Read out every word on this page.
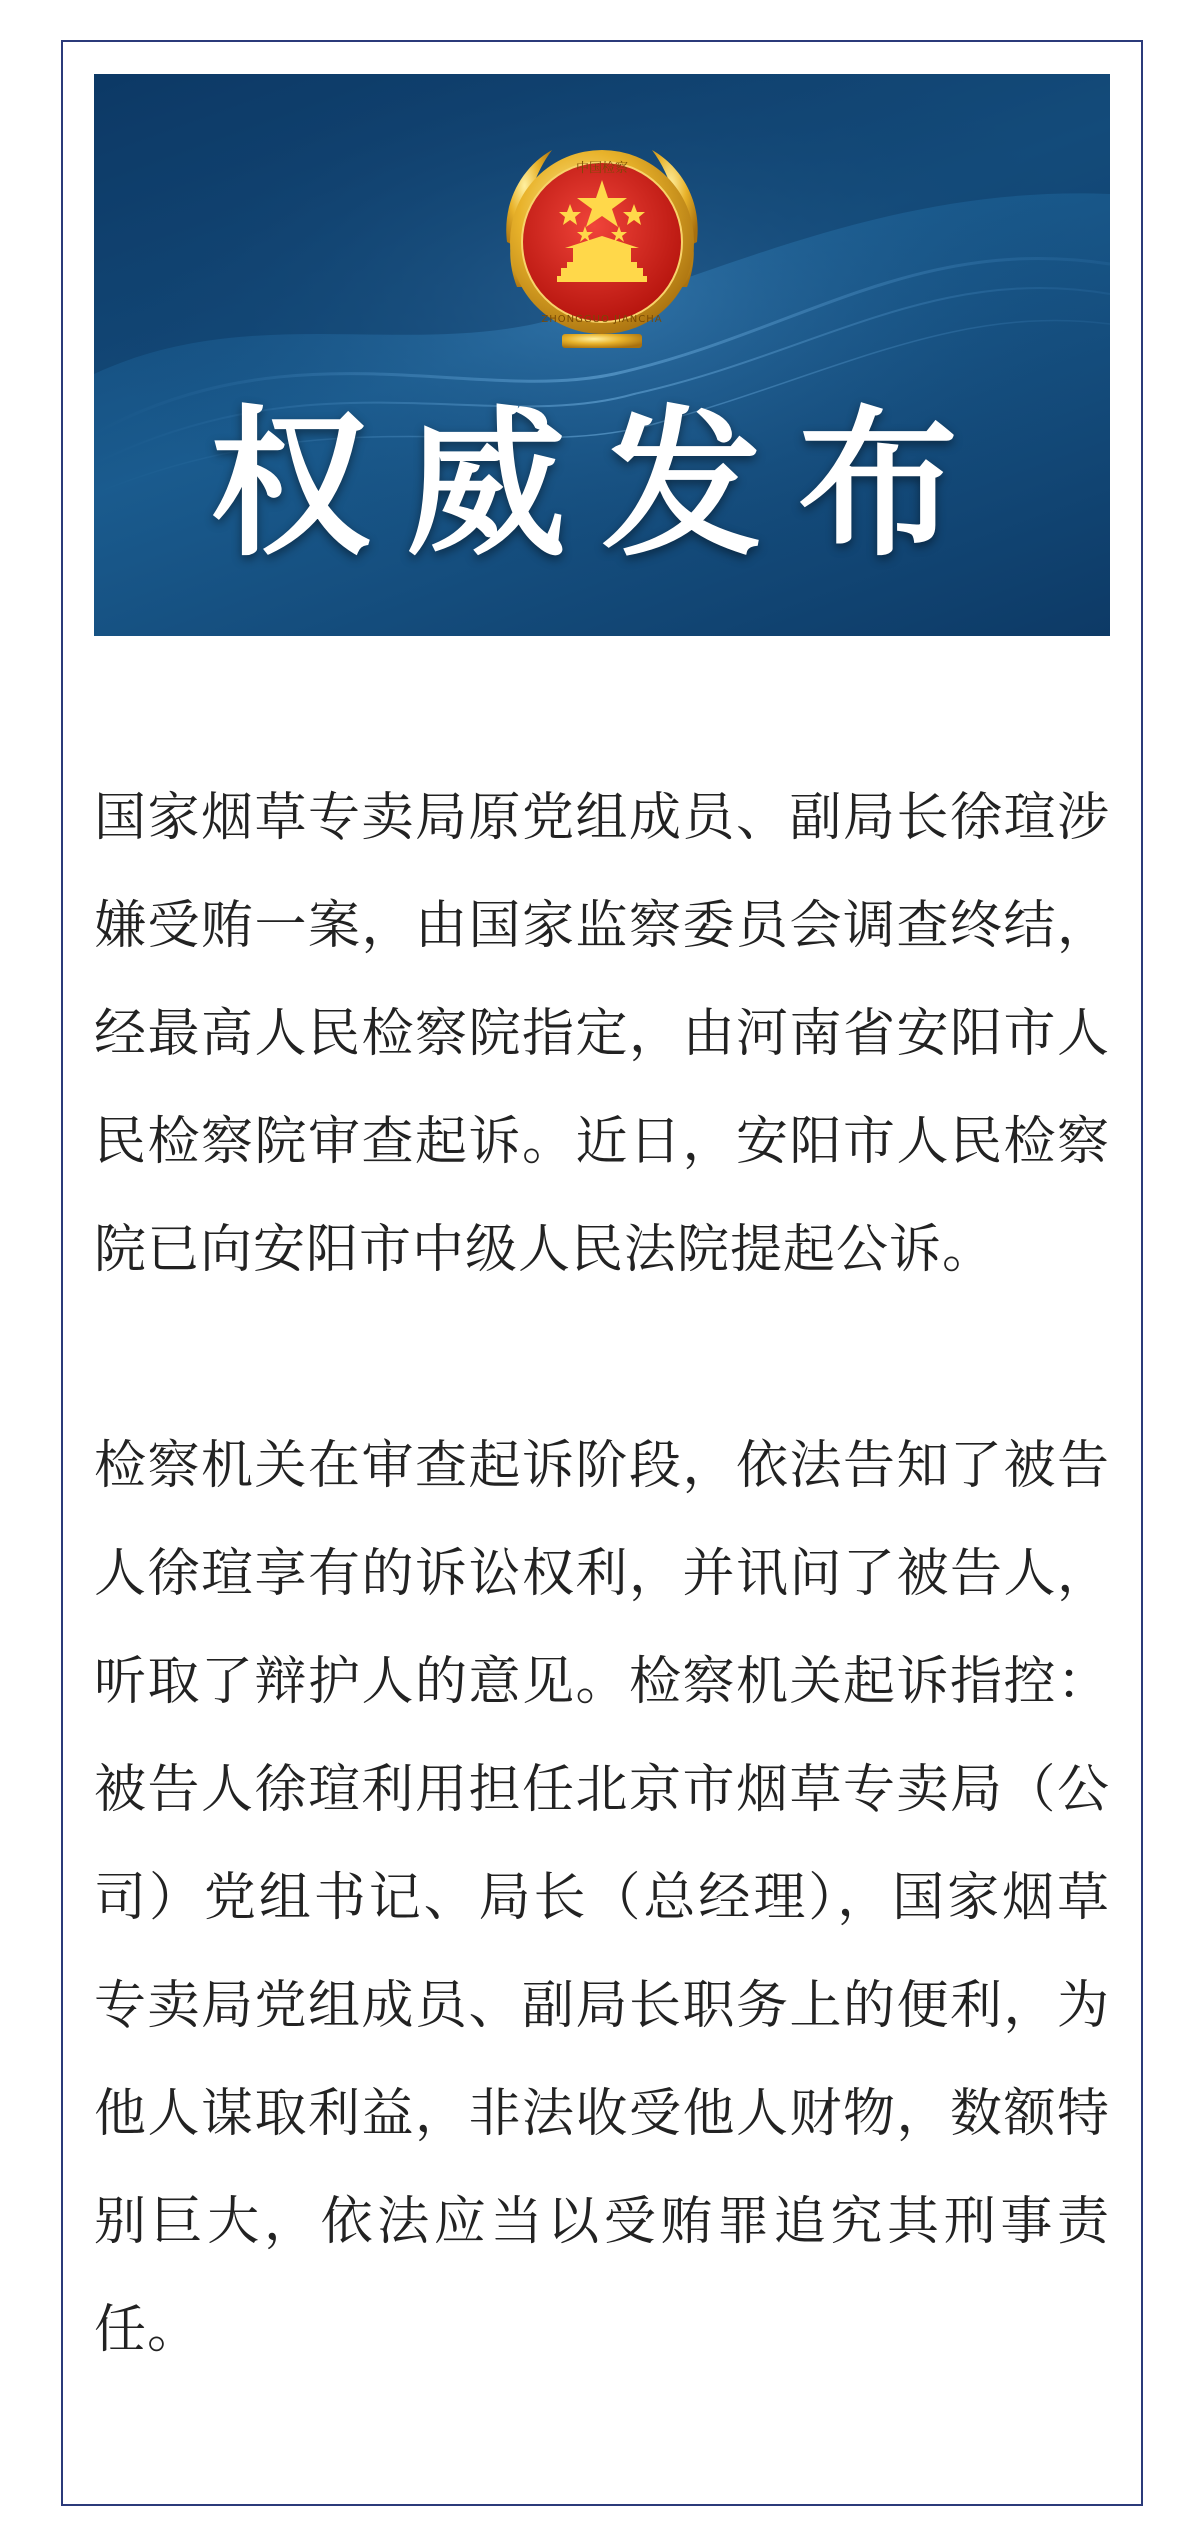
中国检察
ZHONGGUO JIANCHA
权威发布

国家烟草专卖局原党组成员、副局长徐瑄涉嫌受贿一案，由国家监察委员会调查终结，经最高人民检察院指定，由河南省安阳市人民检察院审查起诉。近日，安阳市人民检察院已向安阳市中级人民法院提起公诉。

检察机关在审查起诉阶段，依法告知了被告人徐瑄享有的诉讼权利，并讯问了被告人，听取了辩护人的意见。检察机关起诉指控：被告人徐瑄利用担任北京市烟草专卖局（公司）党组书记、局长（总经理），国家烟草专卖局党组成员、副局长职务上的便利，为他人谋取利益，非法收受他人财物，数额特别巨大，依法应当以受贿罪追究其刑事责任。
